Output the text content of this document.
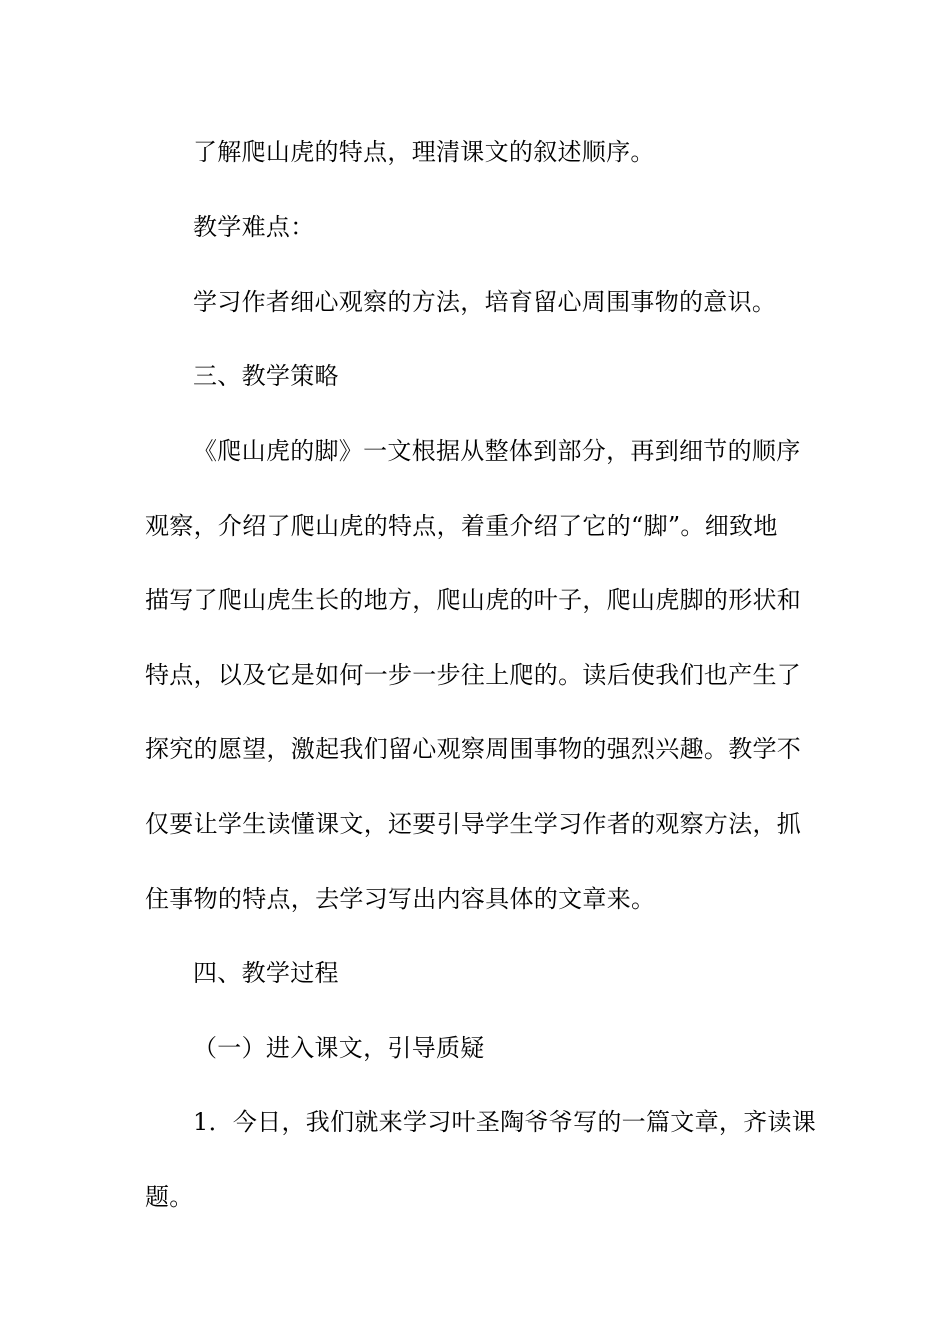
了解爬山虎的特点，理清课文的叙述顺序。
教学难点：
学习作者细心观察的方法，培育留心周围事物的意识。
三、教学策略
《爬山虎的脚》一文根据从整体到部分，再到细节的顺序
观察，介绍了爬山虎的特点，着重介绍了它的“脚”。细致地
描写了爬山虎生长的地方，爬山虎的叶子，爬山虎脚的形状和
特点，以及它是如何一步一步往上爬的。读后使我们也产生了
探究的愿望，激起我们留心观察周围事物的强烈兴趣。教学不
仅要让学生读懂课文，还要引导学生学习作者的观察方法，抓
住事物的特点，去学习写出内容具体的文章来。
四、教学过程
（一）进入课文，引导质疑
1．今日，我们就来学习叶圣陶爷爷写的一篇文章，齐读课
题。
